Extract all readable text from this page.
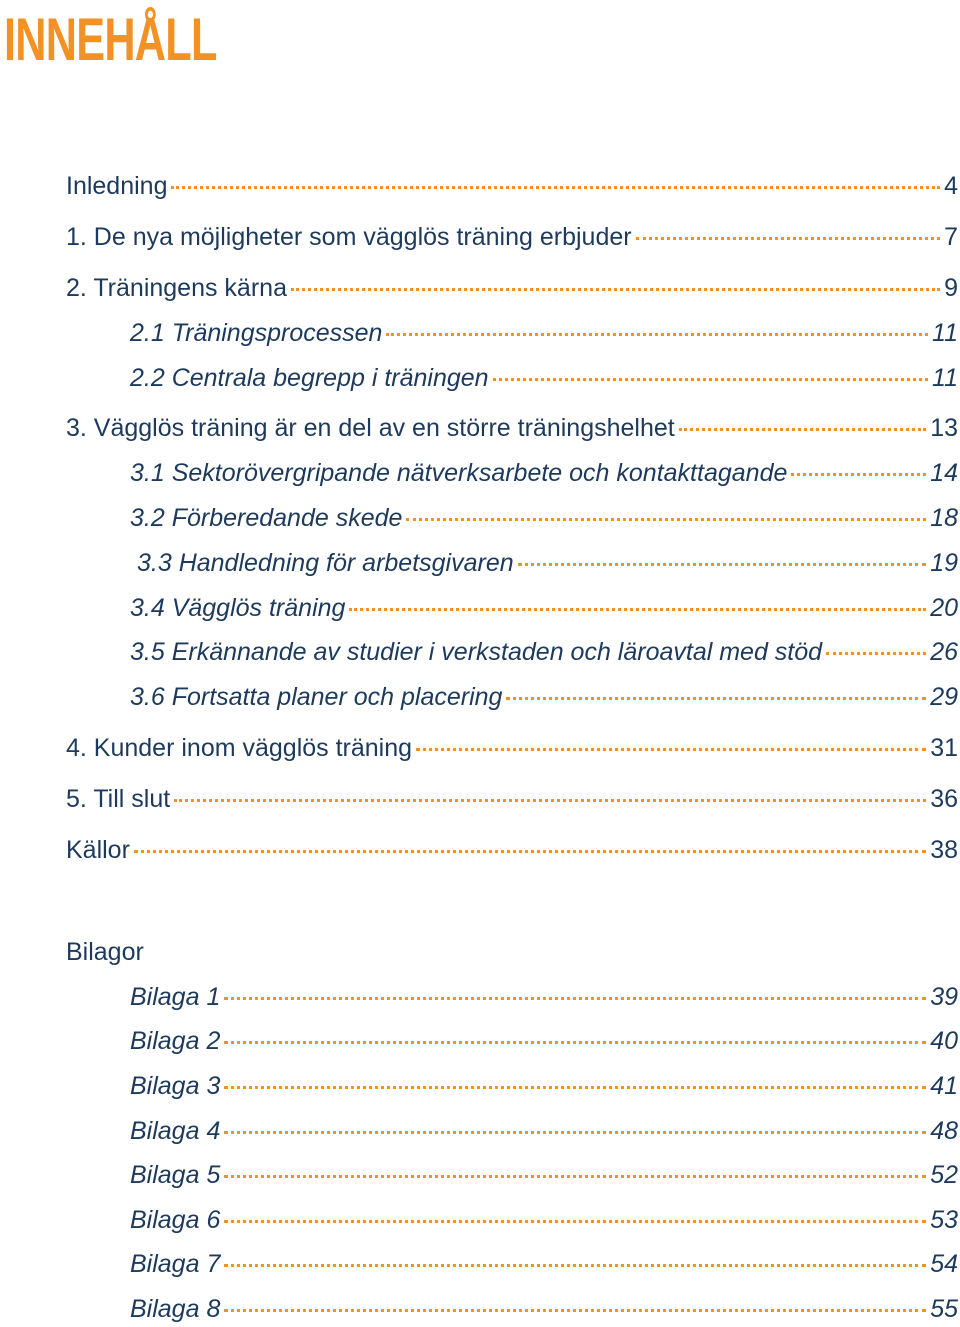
INNEHÅLL
Inledning	4
1. De nya möjligheter som vägglös träning erbjuder	7
2. Träningens kärna	9
2.1 Träningsprocessen	11
2.2 Centrala begrepp i träningen	11
3. Vägglös träning är en del av en större träningshelhet	13
3.1 Sektorövergripande nätverksarbete och kontakttagande	14
3.2 Förberedande skede	18
3.3 Handledning för arbetsgivaren	19
3.4 Vägglös träning	20
3.5 Erkännande av studier i verkstaden och läroavtal med stöd	26
3.6 Fortsatta planer och placering	29
4. Kunder inom vägglös träning	31
5. Till slut	36
Källor	38
Bilagor
Bilaga 1	39
Bilaga 2	40
Bilaga 3	41
Bilaga 4	48
Bilaga 5	52
Bilaga 6	53
Bilaga 7	54
Bilaga 8	55
